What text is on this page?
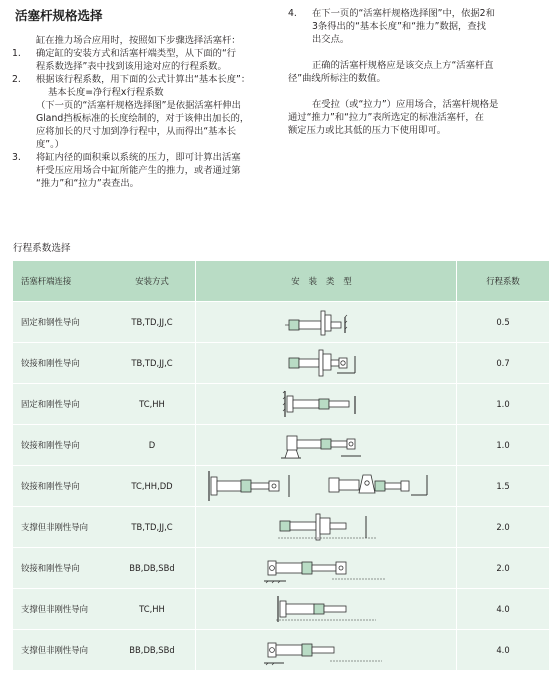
活塞杆规格选择

缸在推力场合应用时，按照如下步骤选择活塞杆：

1. 确定缸的安装方式和活塞杆端类型，从下面的“行
程系数选择”表中找到该用途对应的行程系数。
2. 根据该行程系数，用下面的公式计算出“基本长度”：
基本长度=净行程x行程系数
（下一页的“活塞杆规格选择图”是依据活塞杆伸出
Gland挡板标准的长度绘制的，对于该伸出加长的，
应将加长的尺寸加到净行程中，从而得出“基本长
度”。）
3. 将缸内径的面积乘以系统的压力，即可计算出活塞
杆受压应用场合中缸所能产生的推力，或者通过第
“推力”和“拉力”表查出。
4. 在下一页的“活塞杆规格选择图”中，依据2和
3条得出的“基本长度”和“推力”数据，查找
出交点。
正确的活塞杆规格应是该交点上方“活塞杆直
径”曲线所标注的数值。
在受拉（或“拉力”）应用场合，活塞杆规格是
通过“推力”和“拉力”表所选定的标准活塞杆，在
额定压力或比其低的压力下使用即可。
行程系数选择
活塞杆端连接	安装方式	安装类型	行程系数
固定和钢性导向	TB,TD,JJ,C		0.5
铰接和刚性导向	TB,TD,JJ,C		0.7
固定和刚性导向	TC,HH		1.0
铰接和刚性导向	D		1.0
铰接和刚性导向	TC,HH,DD		1.5
支撑但非刚性导向	TB,TD,JJ,C		2.0
铰接和刚性导向	BB,DB,SBd		2.0
支撑但非刚性导向	TC,HH		4.0
支撑但非刚性导向	BB,DB,SBd		4.0
